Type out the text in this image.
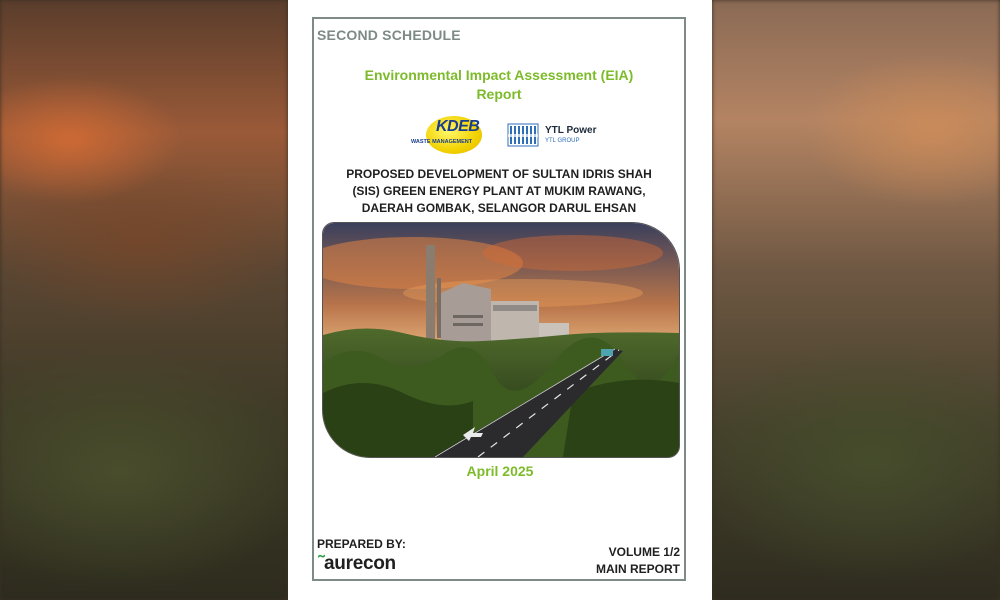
SECOND SCHEDULE
Environmental Impact Assessment (EIA)
Report
KDEB
WASTE MANAGEMENT
YTL Power
YTL GROUP
PROPOSED DEVELOPMENT OF SULTAN IDRIS SHAH
(SIS) GREEN ENERGY PLANT AT MUKIM RAWANG,
DAERAH GOMBAK, SELANGOR DARUL EHSAN
April 2025
PREPARED BY:
˜aurecon
VOLUME 1/2
MAIN REPORT
